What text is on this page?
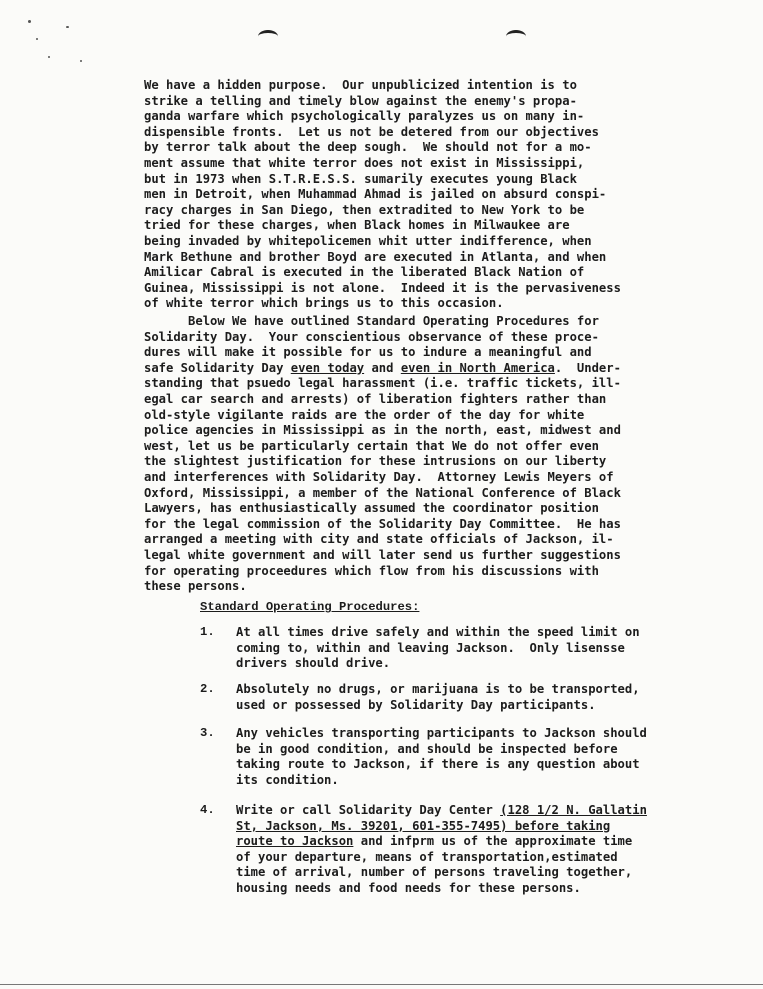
We have a hidden purpose.  Our unpublicized intention is to
strike a telling and timely blow against the enemy's propa-
ganda warfare which psychologically paralyzes us on many in-
dispensible fronts.  Let us not be detered from our objectives
by terror talk about the deep sough.  We should not for a mo-
ment assume that white terror does not exist in Mississippi,
but in 1973 when S.T.R.E.S.S. sumarily executes young Black
men in Detroit, when Muhammad Ahmad is jailed on absurd conspi-
racy charges in San Diego, then extradited to New York to be
tried for these charges, when Black homes in Milwaukee are
being invaded by whitepolicemen whit utter indifference, when
Mark Bethune and brother Boyd are executed in Atlanta, and when
Amilicar Cabral is executed in the liberated Black Nation of
Guinea, Mississippi is not alone.  Indeed it is the pervasiveness
of white terror which brings us to this occasion.
Below We have outlined Standard Operating Procedures for
Solidarity Day.  Your conscientious observance of these proce-
dures will make it possible for us to indure a meaningful and
safe Solidarity Day even today and even in North America.  Under-
standing that psuedo legal harassment (i.e. traffic tickets, ill-
egal car search and arrests) of liberation fighters rather than
old-style vigilante raids are the order of the day for white
police agencies in Mississippi as in the north, east, midwest and
west, let us be particularly certain that We do not offer even
the slightest justification for these intrusions on our liberty
and interferences with Solidarity Day.  Attorney Lewis Meyers of
Oxford, Mississippi, a member of the National Conference of Black
Lawyers, has enthusiastically assumed the coordinator position
for the legal commission of the Solidarity Day Committee.  He has
arranged a meeting with city and state officials of Jackson, il-
legal white government and will later send us further suggestions
for operating proceedures which flow from his discussions with
these persons.

Standard Operating Procedures:

1.	At all times drive safely and within the speed limit on
coming to, within and leaving Jackson.  Only lisensse
drivers should drive.
2.	Absolutely no drugs, or marijuana is to be transported,
used or possessed by Solidarity Day participants.
3.	Any vehicles transporting participants to Jackson should
be in good condition, and should be inspected before
taking route to Jackson, if there is any question about
its condition.
4.	Write or call Solidarity Day Center (128 1/2 N. Gallatin
St, Jackson, Ms. 39201, 601-355-7495) before taking
route to Jackson and infprm us of the approximate time
of your departure, means of transportation,estimated
time of arrival, number of persons traveling together,
housing needs and food needs for these persons.
